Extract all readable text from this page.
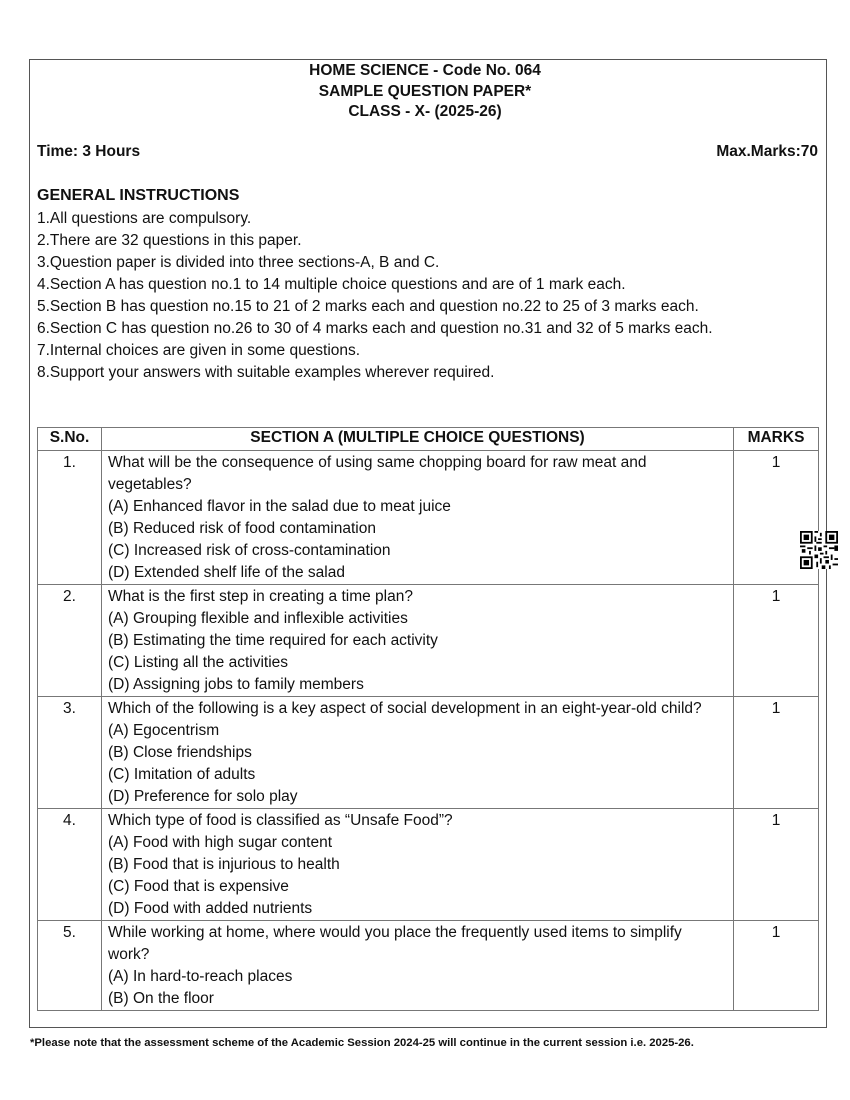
HOME SCIENCE - Code No. 064
SAMPLE QUESTION PAPER*
CLASS - X- (2025-26)
Time: 3 Hours	Max.Marks:70
GENERAL INSTRUCTIONS
1.All questions are compulsory.
2.There are 32 questions in this paper.
3.Question paper is divided into three sections-A, B and C.
4.Section A has question no.1 to 14 multiple choice questions and are of 1 mark each.
5.Section B has question no.15 to 21 of 2 marks each and question no.22 to 25 of 3 marks each.
6.Section C has question no.26 to 30 of 4 marks each and question no.31 and 32 of 5 marks each.
7.Internal choices are given in some questions.
8.Support your answers with suitable examples wherever required.
S.No.	SECTION A (MULTIPLE CHOICE QUESTIONS)	MARKS
1.	What will be the consequence of using same chopping board for raw meat and vegetables?
(A) Enhanced flavor in the salad due to meat juice
(B) Reduced risk of food contamination
(C) Increased risk of cross-contamination
(D) Extended shelf life of the salad	1
2.	What is the first step in creating a time plan?
(A) Grouping flexible and inflexible activities
(B) Estimating the time required for each activity
(C) Listing all the activities
(D) Assigning jobs to family members	1
3.	Which of the following is a key aspect of social development in an eight-year-old child?
(A) Egocentrism
(B) Close friendships
(C) Imitation of adults
(D) Preference for solo play	1
4.	Which type of food is classified as “Unsafe Food”?
(A) Food with high sugar content
(B) Food that is injurious to health
(C) Food that is expensive
(D) Food with added nutrients	1
5.	While working at home, where would you place the frequently used items to simplify work?
(A) In hard-to-reach places
(B) On the floor	1
*Please note that the assessment scheme of the Academic Session 2024-25 will continue in the current session i.e. 2025-26.
